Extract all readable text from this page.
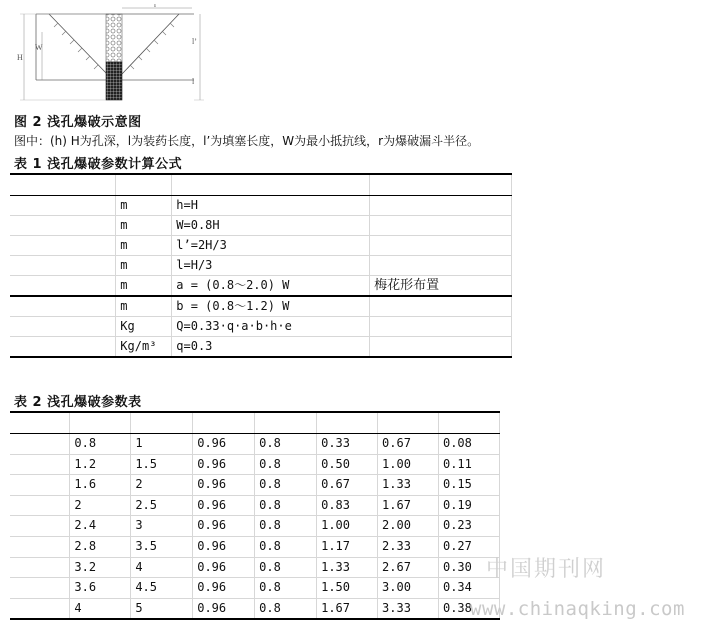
H
W
r
l’
l
图 2 浅孔爆破示意图
图中：(h) H为孔深，l为装药长度，l’为填塞长度，W为最小抵抗线，r为爆破漏斗半径。
表 1 浅孔爆破参数计算公式

	m	h=H	
	m	W=0.8H	
	m	l’=2H/3	
	m	l=H/3	
	m	a = (0.8～2.0) W	梅花形布置
	m	b = (0.8～1.2) W	
	Kg	Q=0.33·q·a·b·h·e	
	Kg/m³	q=0.3	
表 2 浅孔爆破参数表

	0.8	1	0.96	0.8	0.33	0.67	0.08
	1.2	1.5	0.96	0.8	0.50	1.00	0.11
	1.6	2	0.96	0.8	0.67	1.33	0.15
	2	2.5	0.96	0.8	0.83	1.67	0.19
	2.4	3	0.96	0.8	1.00	2.00	0.23
	2.8	3.5	0.96	0.8	1.17	2.33	0.27
	3.2	4	0.96	0.8	1.33	2.67	0.30
	3.6	4.5	0.96	0.8	1.50	3.00	0.34
	4	5	0.96	0.8	1.67	3.33	0.38
中国期刊网
www.chinaqking.com
